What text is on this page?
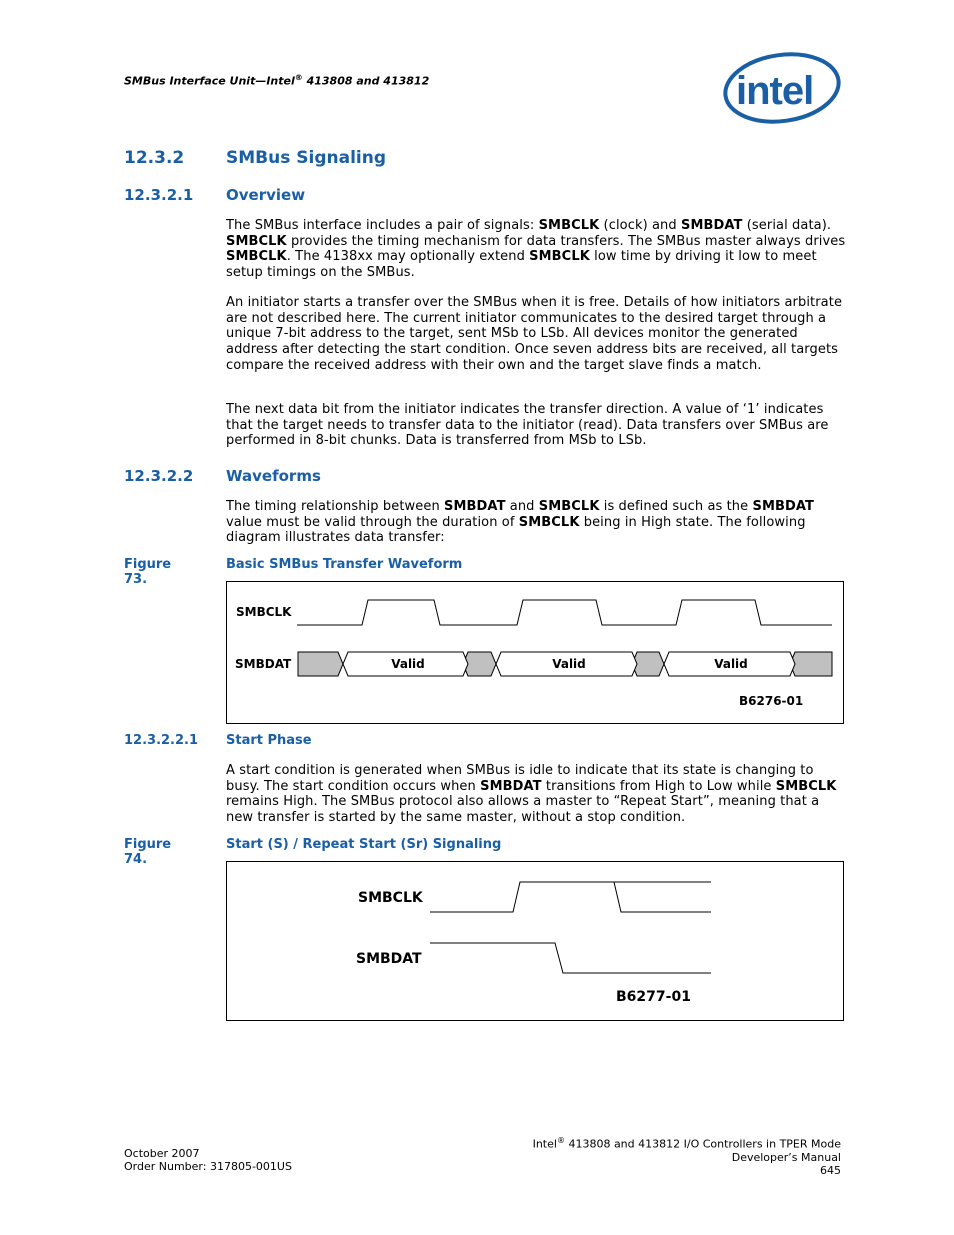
SMBus Interface Unit—Intel® 413808 and 413812	intel
12.3.2 SMBus Signaling
12.3.2.1 Overview
The SMBus interface includes a pair of signals: SMBCLK (clock) and SMBDAT (serial data). SMBCLK provides the timing mechanism for data transfers. The SMBus master always drives SMBCLK. The 4138xx may optionally extend SMBCLK low time by driving it low to meet setup timings on the SMBus.
An initiator starts a transfer over the SMBus when it is free. Details of how initiators arbitrate are not described here. The current initiator communicates to the desired target through a unique 7-bit address to the target, sent MSb to LSb. All devices monitor the generated address after detecting the start condition. Once seven address bits are received, all targets compare the received address with their own and the target slave finds a match.
The next data bit from the initiator indicates the transfer direction. A value of ‘1’ indicates that the target needs to transfer data to the initiator (read). Data transfers over SMBus are performed in 8-bit chunks. Data is transferred from MSb to LSb.
12.3.2.2 Waveforms
The timing relationship between SMBDAT and SMBCLK is defined such as the SMBDAT value must be valid through the duration of SMBCLK being in High state. The following diagram illustrates data transfer:
Figure 73.
Basic SMBus Transfer Waveform
SMBCLK
SMBDAT	Valid	Valid	Valid
B6276-01
12.3.2.2.1 Start Phase
A start condition is generated when SMBus is idle to indicate that its state is changing to busy. The start condition occurs when SMBDAT transitions from High to Low while SMBCLK remains High. The SMBus protocol also allows a master to “Repeat Start”, meaning that a new transfer is started by the same master, without a stop condition.
Figure 74.
Start (S) / Repeat Start (Sr) Signaling
SMBCLK
SMBDAT
B6277-01
October 2007
Order Number: 317805-001US
Intel® 413808 and 413812 I/O Controllers in TPER Mode
Developer’s Manual
645
